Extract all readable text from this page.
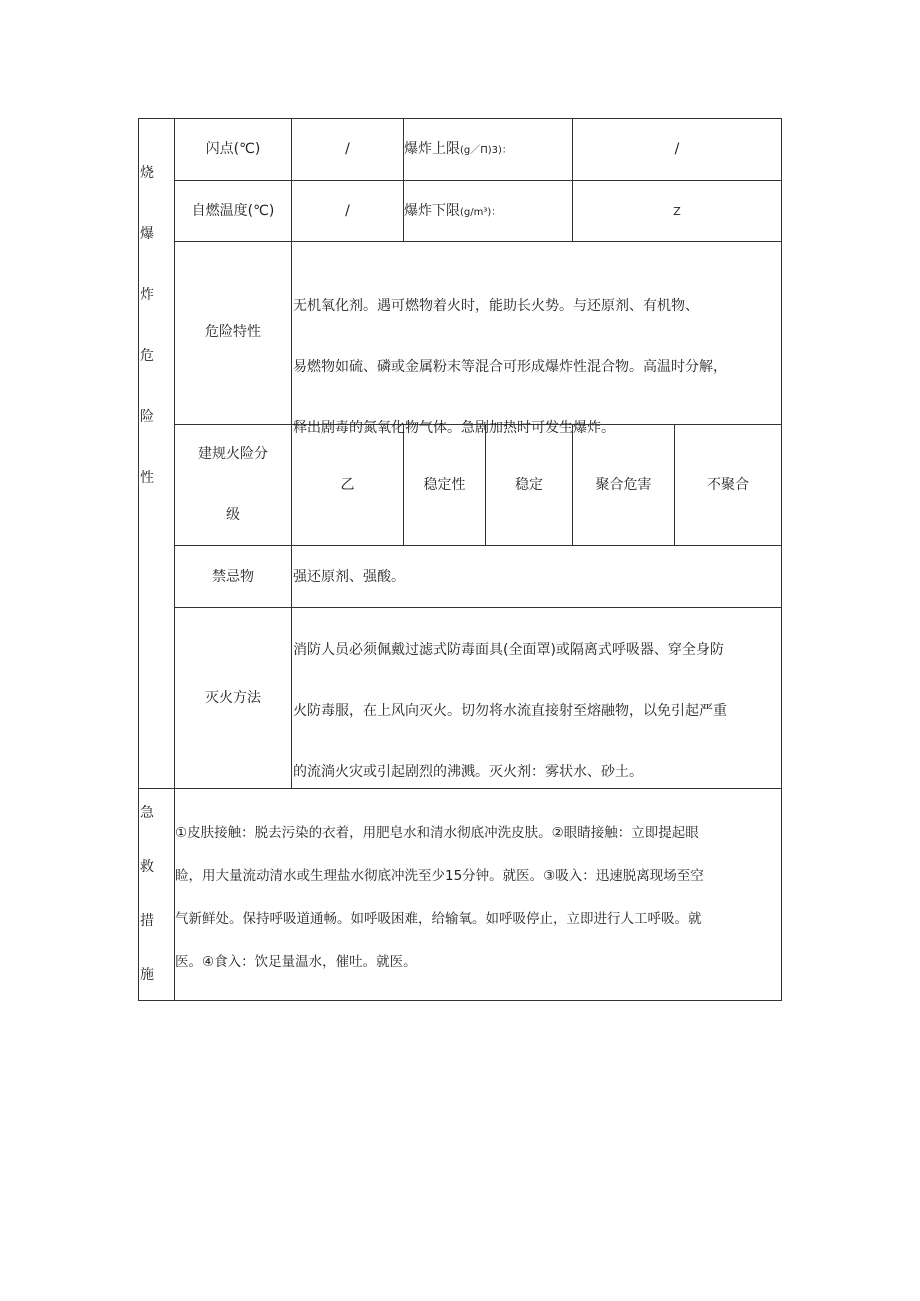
烧
爆
炸
危
险
性
闪点(℃)	/	爆炸上限(g／Π)3)：	/
自燃温度(℃)	/	爆炸下限(g/m³)：	Z
危险特性
无机氧化剂。遇可燃物着火时，能助长火势。与还原剂、有机物、
易燃物如硫、磷或金属粉末等混合可形成爆炸性混合物。高温时分解，
释出剧毒的氮氧化物气体。急剧加热时可发生爆炸。
建规火险分
级
乙	稳定性	稳定	聚合危害	不聚合
禁忌物	强还原剂、强酸。
灭火方法
消防人员必须佩戴过滤式防毒面具(全面罩)或隔离式呼吸器、穿全身防
火防毒服，在上风向灭火。切勿将水流直接射至熔融物，以免引起严重
的流淌火灾或引起剧烈的沸溅。灭火剂：雾状水、砂土。
急
救
措
施
①皮肤接触：脱去污染的衣着，用肥皂水和清水彻底冲洗皮肤。②眼睛接触：立即提起眼
睑，用大量流动清水或生理盐水彻底冲洗至少15分钟。就医。③吸入：迅速脱离现场至空
气新鲜处。保持呼吸道通畅。如呼吸困难，给输氧。如呼吸停止，立即进行人工呼吸。就
医。④食入：饮足量温水，催吐。就医。
